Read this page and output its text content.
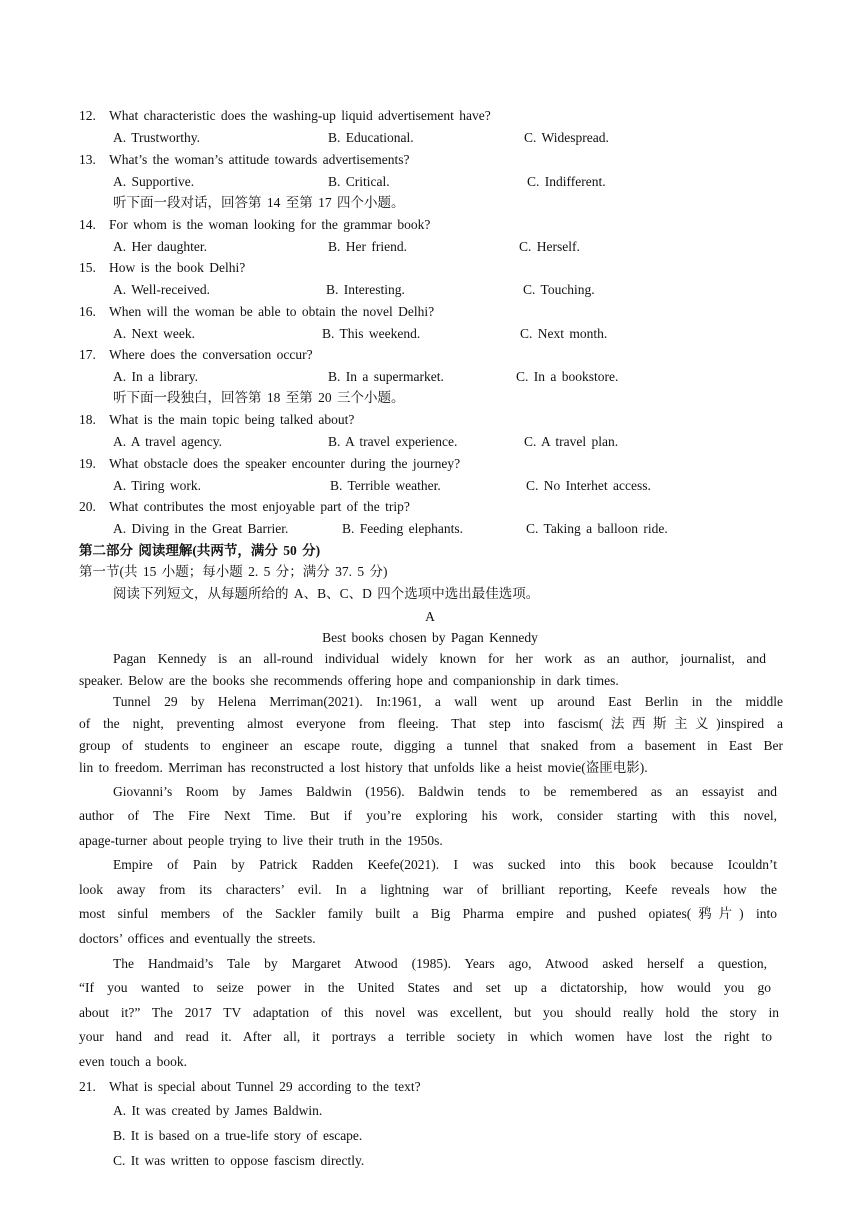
12. What characteristic does the washing-up liquid advertisement have?
A. Trustworthy.	B. Educational.	C. Widespread.
13. What’s the woman’s attitude towards advertisements?
A. Supportive.	B. Critical.	C. Indifferent.
听下面一段对话，回答第 14 至第 17 四个小题。
14. For whom is the woman looking for the grammar book?
A. Her daughter.	B. Her friend.	C. Herself.
15. How is the book Delhi?
A. Well-received.	B. Interesting.	C. Touching.
16. When will the woman be able to obtain the novel Delhi?
A. Next week.	B. This weekend.	C. Next month.
17. Where does the conversation occur?
A. In a library.	B. In a supermarket.	C. In a bookstore.
听下面一段独白，回答第 18 至第 20 三个小题。
18. What is the main topic being talked about?
A. A travel agency.	B. A travel experience.	C. A travel plan.
19. What obstacle does the speaker encounter during the journey?
A. Tiring work.	B. Terrible weather.	C. No Interhet access.
20. What contributes the most enjoyable part of the trip?
A. Diving in the Great Barrier.	B. Feeding elephants.	C. Taking a balloon ride.
第二部分 阅读理解(共两节，满分 50 分)
第一节(共 15 小题；每小题 2. 5 分；满分 37. 5 分)
阅读下列短文，从每题所给的 A、B、C、D 四个选项中选出最佳选项。
A
Best books chosen by Pagan Kennedy
Pagan Kennedy is an all-round individual widely known for her work as an author, journalist, and
speaker. Below are the books she recommends offering hope and companionship in dark times.
Tunnel 29 by Helena Merriman(2021). In:1961, a wall went up around East Berlin in the middle
of the night, preventing almost everyone from fleeing. That step into fascism(法西斯主义)inspired a
group of students to engineer an escape route, digging a tunnel that snaked from a basement in East Ber
lin to freedom. Merriman has reconstructed a lost history that unfolds like a heist movie(盗匪电影).
Giovanni’s Room by James Baldwin (1956). Baldwin tends to be remembered as an essayist and
author of The Fire Next Time. But if you’re exploring his work, consider starting with this novel,
apage-turner about people trying to live their truth in the 1950s.
Empire of Pain by Patrick Radden Keefe(2021). I was sucked into this book because Icouldn’t
look away from its characters’ evil. In a lightning war of brilliant reporting, Keefe reveals how the
most sinful members of the Sackler family built a Big Pharma empire and pushed opiates(鸦片) into
doctors’ offices and eventually the streets.
The Handmaid’s Tale by Margaret Atwood (1985). Years ago, Atwood asked herself a question,
“If you wanted to seize power in the United States and set up a dictatorship, how would you go
about it?” The 2017 TV adaptation of this novel was excellent, but you should really hold the story in
your hand and read it. After all, it portrays a terrible society in which women have lost the right to
even touch a book.
21. What is special about Tunnel 29 according to the text?
A. It was created by James Baldwin.
B. It is based on a true-life story of escape.
C. It was written to oppose fascism directly.
